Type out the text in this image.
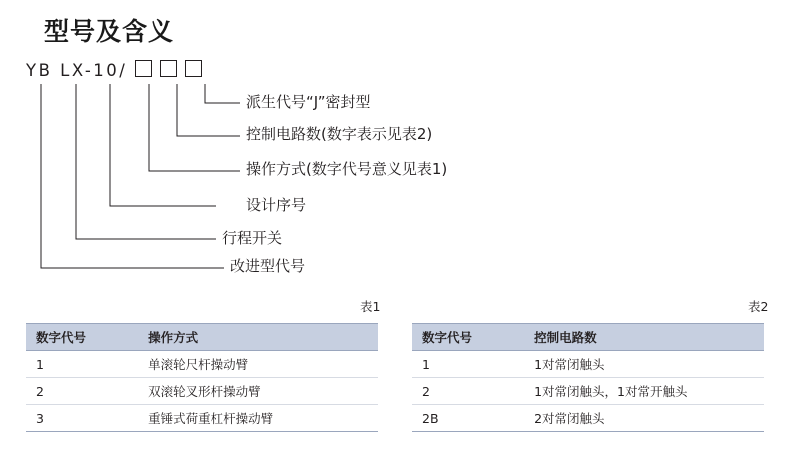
型号及含义
YB LX-10/
派生代号“J”密封型
控制电路数(数字表示见表2)
操作方式(数字代号意义见表1)
设计序号
行程开关
改进型代号
表1	表2
数字代号	操作方式
1	单滚轮尺杆操动臂
2	双滚轮叉形杆操动臂
3	重锤式荷重杠杆操动臂
数字代号	控制电路数
1	1对常闭触头
2	1对常闭触头，1对常开触头
2B	2对常闭触头
